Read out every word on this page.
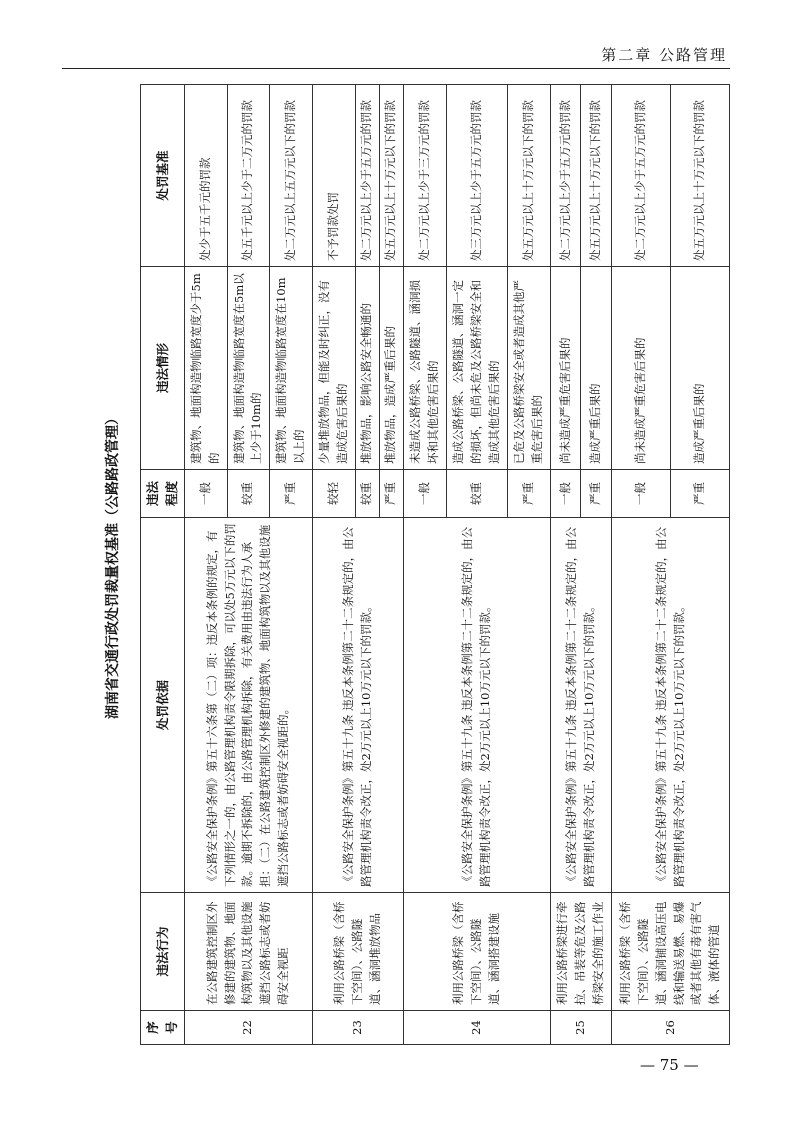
第二章 公路管理
湖南省交通行政处罚裁量权基准（公路路政管理）
序号	违法行为	处罚依据	违法程度	违法情形	处罚基准
22	在公路建筑控制区外修建的建筑物、地面构筑物以及其他设施遮挡公路标志或者妨碍安全视距	《公路安全保护条例》第五十六条第（二）项：违反本条例的规定，有下列情形之一的，由公路管理机构责令限期拆除，可以处5万元以下的罚款。逾期不拆除的，由公路管理机构拆除，有关费用由违法行为人承担：（二）在公路建筑控制区外修建的建筑物、地面构筑物以及其他设施遮挡公路标志或者妨碍安全视距的。	一般	建筑物、地面构造物临路宽度少于5m的	处少于五千元的罚款
			较重	建筑物、地面构造物临路宽度在5m以上少于10m的	处五千元以上少于二万元的罚款
			严重	建筑物、地面构造物临路宽度在10m以上的	处二万元以上五万元以下的罚款
23	利用公路桥梁（含桥下空间）、公路隧道、涵洞堆放物品	《公路安全保护条例》第五十九条 违反本条例第二十二条规定的，由公路管理机构责令改正，处2万元以上10万元以下的罚款。	较轻	少量堆放物品，但能及时纠正，没有造成危害后果的	不予罚款处罚
			较重	堆放物品，影响公路安全畅通的	处二万元以上少于五万元的罚款
			严重	堆放物品，造成严重后果的	处五万元以上十万元以下的罚款
24	利用公路桥梁（含桥下空间）、公路隧道、涵洞搭建设施	《公路安全保护条例》第五十九条 违反本条例第二十二条规定的，由公路管理机构责令改正，处2万元以上10万元以下的罚款。	一般	未造成公路桥梁、公路隧道、涵洞损坏和其他危害后果的	处二万元以上少于三万元的罚款
			较重	造成公路桥梁、公路隧道、涵洞一定的损坏，但尚未危及公路桥梁安全和造成其他危害后果的	处三万元以上少于五万元的罚款
			严重	已危及公路桥梁安全或者造成其他严重危害后果的	处五万元以上十万元以下的罚款
25	利用公路桥梁进行牵拉、吊装等危及公路桥梁安全的施工作业	《公路安全保护条例》第五十九条 违反本条例第二十二条规定的，由公路管理机构责令改正，处2万元以上10万元以下的罚款。	一般	尚未造成严重危害后果的	处二万元以上少于五万元的罚款
			严重	造成严重后果的	处五万元以上十万元以下的罚款
26	利用公路桥梁（含桥下空间）、公路隧道、涵洞铺设高压电线和输送易燃、易爆或者其他有毒有害气体、液体的管道	《公路安全保护条例》第五十九条 违反本条例第二十二条规定的，由公路管理机构责令改正，处2万元以上10万元以下的罚款。	一般	尚未造成严重危害后果的	处二万元以上少于五万元的罚款
			严重	造成严重后果的	处五万元以上十万元以下的罚款
— 75 —
